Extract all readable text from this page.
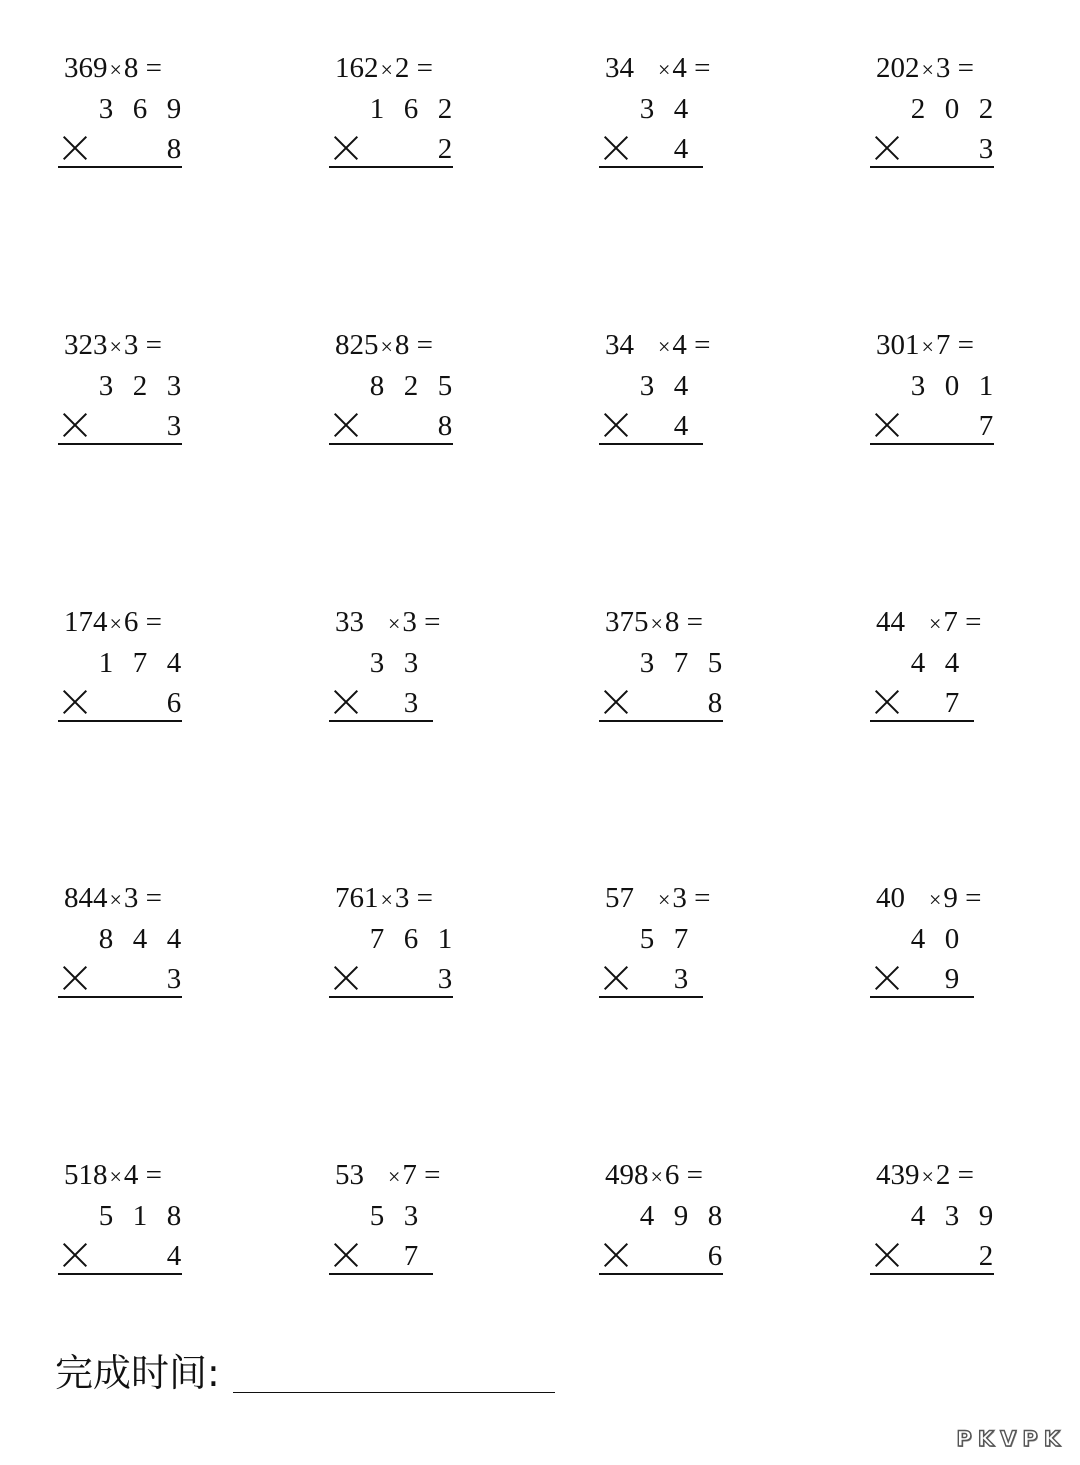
369×8 =
3 6 9
8
162×2 =
1 6 2
2
34 ×4 =
3 4
4
202×3 =
2 0 2
3
323×3 =
3 2 3
3
825×8 =
8 2 5
8
34 ×4 =
3 4
4
301×7 =
3 0 1
7
174×6 =
1 7 4
6
33 ×3 =
3 3
3
375×8 =
3 7 5
8
44 ×7 =
4 4
7
844×3 =
8 4 4
3
761×3 =
7 6 1
3
57 ×3 =
5 7
3
40 ×9 =
4 0
9
518×4 =
5 1 8
4
53 ×7 =
5 3
7
498×6 =
4 9 8
6
439×2 =
4 3 9
2
完成时间:
PKVPK
